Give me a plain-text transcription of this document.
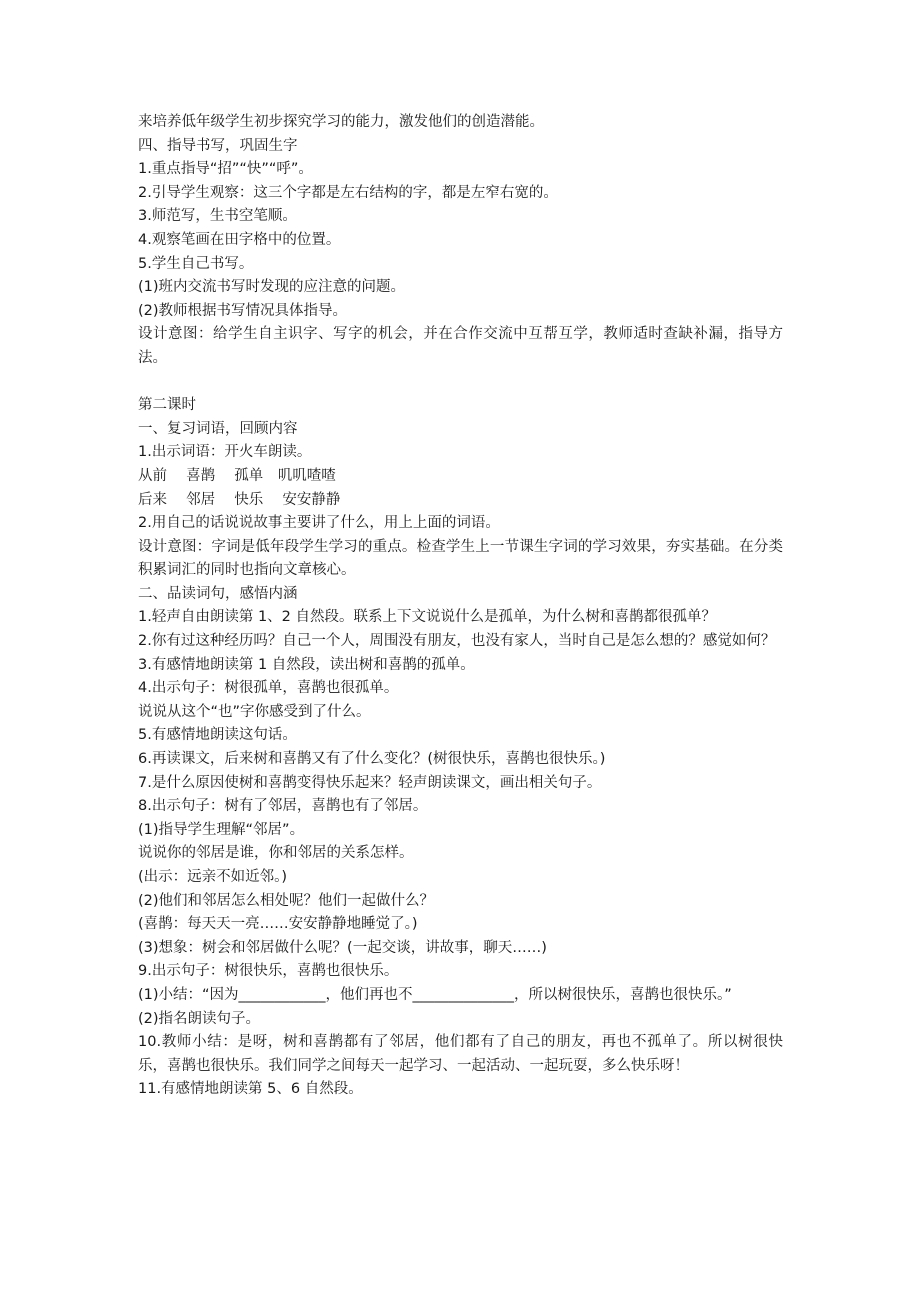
来培养低年级学生初步探究学习的能力，激发他们的创造潜能。
四、指导书写，巩固生字
1.重点指导“招”“快”“呼”。
2.引导学生观察：这三个字都是左右结构的字，都是左窄右宽的。
3.师范写，生书空笔顺。
4.观察笔画在田字格中的位置。
5.学生自己书写。
(1)班内交流书写时发现的应注意的问题。
(2)教师根据书写情况具体指导。
设计意图：给学生自主识字、写字的机会，并在合作交流中互帮互学，教师适时查缺补漏，指导方法。
第二课时
一、复习词语，回顾内容
1.出示词语：开火车朗读。
从前　 喜鹊　 孤单　叽叽喳喳
后来　 邻居　 快乐　 安安静静
2.用自己的话说说故事主要讲了什么，用上上面的词语。
设计意图：字词是低年段学生学习的重点。检查学生上一节课生字词的学习效果，夯实基础。在分类积累词汇的同时也指向文章核心。
二、品读词句，感悟内涵
1.轻声自由朗读第 1、2 自然段。联系上下文说说什么是孤单，为什么树和喜鹊都很孤单？
2.你有过这种经历吗？自己一个人，周围没有朋友，也没有家人，当时自己是怎么想的？感觉如何？
3.有感情地朗读第 1 自然段，读出树和喜鹊的孤单。
4.出示句子：树很孤单，喜鹊也很孤单。
说说从这个“也”字你感受到了什么。
5.有感情地朗读这句话。
6.再读课文，后来树和喜鹊又有了什么变化？(树很快乐，喜鹊也很快乐。)
7.是什么原因使树和喜鹊变得快乐起来？轻声朗读课文，画出相关句子。
8.出示句子：树有了邻居，喜鹊也有了邻居。
(1)指导学生理解“邻居”。
说说你的邻居是谁，你和邻居的关系怎样。
(出示：远亲不如近邻。)
(2)他们和邻居怎么相处呢？他们一起做什么？
(喜鹊：每天天一亮……安安静静地睡觉了。)
(3)想象：树会和邻居做什么呢？(一起交谈，讲故事，聊天……)
9.出示句子：树很快乐，喜鹊也很快乐。
(1)小结：“因为____________，他们再也不______________，所以树很快乐，喜鹊也很快乐。”
(2)指名朗读句子。
10.教师小结：是呀，树和喜鹊都有了邻居，他们都有了自己的朋友，再也不孤单了。所以树很快乐，喜鹊也很快乐。我们同学之间每天一起学习、一起活动、一起玩耍，多么快乐呀！
11.有感情地朗读第 5、6 自然段。
